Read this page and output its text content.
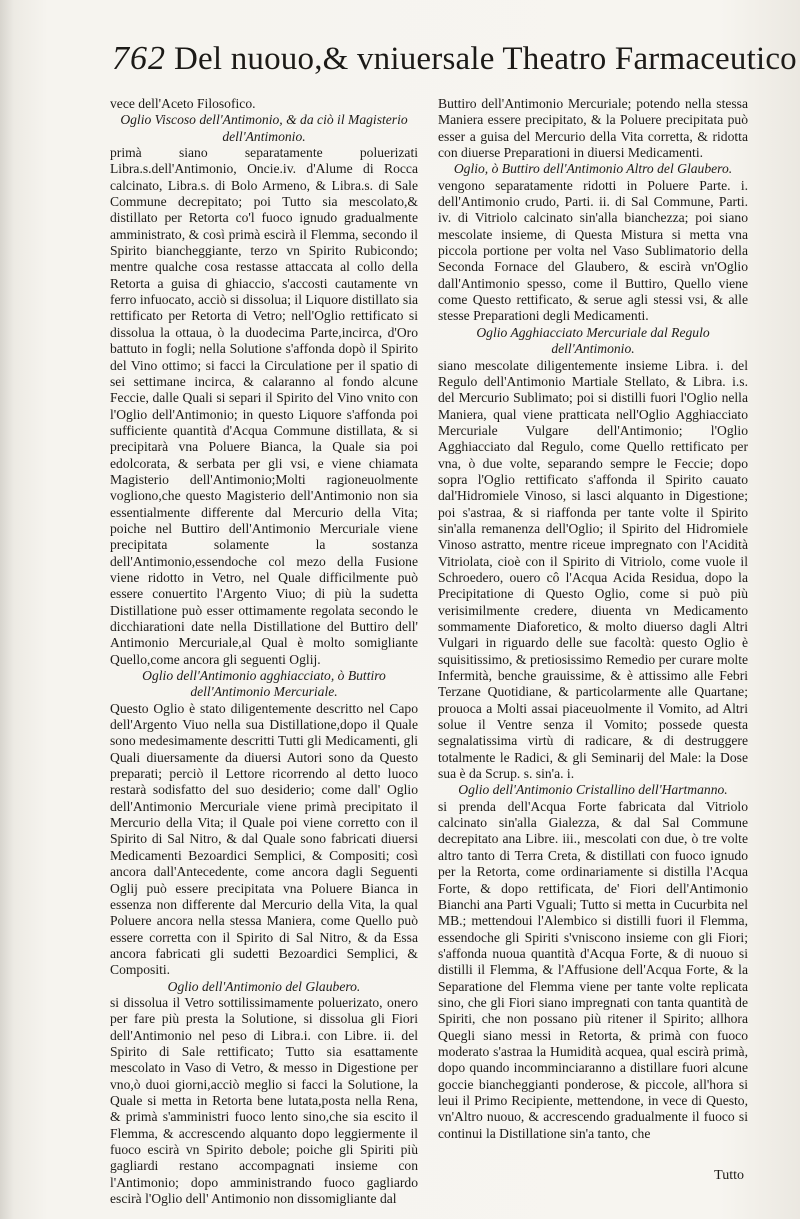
762 Del nuouo,& vniuersale Theatro Farmaceutico

vece dell'Aceto Filosofico.

Oglio Viscoso dell'Antimonio, & da ciò il Magisterio dell'Antimonio.

primà siano separatamente poluerizati Libra.s.dell'Antimonio, Oncie.iv. d'Alume di Rocca calcinato, Libra.s. di Bolo Armeno, & Libra.s. di Sale Commune decrepitato; poi Tutto sia mescolato,& distillato per Retorta co'l fuoco ignudo gradualmente amministrato, & così primà escirà il Flemma, secondo il Spirito biancheggiante, terzo vn Spirito Rubicondo; mentre qualche cosa restasse attaccata al collo della Retorta a guisa di ghiaccio, s'accosti cautamente vn ferro infuocato, acciò si dissolua; il Liquore distillato sia rettificato per Retorta di Vetro; nell'Oglio rettificato si dissolua la ottaua, ò la duodecima Parte,incirca, d'Oro battuto in fogli; nella Solutione s'affonda dopò il Spirito del Vino ottimo; si facci la Circulatione per il spatio di sei settimane incirca, & calaranno al fondo alcune Feccie, dalle Quali si separi il Spirito del Vino vnito con l'Oglio dell'Antimonio; in questo Liquore s'affonda poi sufficiente quantità d'Acqua Commune distillata, & si precipitarà vna Poluere Bianca, la Quale sia poi edolcorata, & serbata per gli vsi, e viene chiamata Magisterio dell'Antimonio;Molti ragioneuolmente vogliono,che questo Magisterio dell'Antimonio non sia essentialmente differente dal Mercurio della Vita; poiche nel Buttiro dell'Antimonio Mercuriale viene precipitata solamente la sostanza dell'Antimonio,essendoche col mezo della Fusione viene ridotto in Vetro, nel Quale difficilmente può essere conuertito l'Argento Viuo; di più la sudetta Distillatione può esser ottimamente regolata secondo le dicchiarationi date nella Distillatione del Buttiro dell' Antimonio Mercuriale,al Qual è molto somigliante Quello,come ancora gli seguenti Oglij.

Oglio dell'Antimonio agghiacciato, ò Buttiro dell'Antimonio Mercuriale.

Questo Oglio è stato diligentemente descritto nel Capo dell'Argento Viuo nella sua Distillatione,dopo il Quale sono medesimamente descritti Tutti gli Medicamenti, gli Quali diuersamente da diuersi Autori sono da Questo preparati; perciò il Lettore ricorrendo al detto luoco restarà sodisfatto del suo desiderio; come dall' Oglio dell'Antimonio Mercuriale viene primà precipitato il Mercurio della Vita; il Quale poi viene corretto con il Spirito di Sal Nitro, & dal Quale sono fabricati diuersi Medicamenti Bezoardici Semplici, & Compositi; così ancora dall'Antecedente, come ancora dagli Seguenti Oglij può essere precipitata vna Poluere Bianca in essenza non differente dal Mercurio della Vita, la qual Poluere ancora nella stessa Maniera, come Quello può essere corretta con il Spirito di Sal Nitro, & da Essa ancora fabricati gli sudetti Bezoardici Semplici, & Compositi.

Oglio dell'Antimonio del Glaubero.

si dissolua il Vetro sottilissimamente poluerizato, onero per fare più presta la Solutione, si dissolua gli Fiori dell'Antimonio nel peso di Libra.i. con Libre. ii. del Spirito di Sale rettificato; Tutto sia esattamente mescolato in Vaso di Vetro, & messo in Digestione per vno,ò duoi giorni,acciò meglio si facci la Solutione, la Quale si metta in Retorta bene lutata,posta nella Rena, & primà s'amministri fuoco lento sino,che sia escito il Flemma, & accrescendo alquanto dopo leggiermente il fuoco escirà vn Spirito debole; poiche gli Spiriti più gagliardi restano accompagnati insieme con l'Antimonio; dopo amministrando fuoco gagliardo escirà l'Oglio dell' Antimonio non dissomigliante dal

Buttiro dell'Antimonio Mercuriale; potendo nella stessa Maniera essere precipitato, & la Poluere precipitata può esser a guisa del Mercurio della Vita corretta, & ridotta con diuerse Preparationi in diuersi Medicamenti.

Oglio, ò Buttiro dell'Antimonio Altro del Glaubero.

vengono separatamente ridotti in Poluere Parte. i. dell'Antimonio crudo, Parti. ii. di Sal Commune, Parti. iv. di Vitriolo calcinato sin'alla bianchezza; poi siano mescolate insieme, di Questa Mistura si metta vna piccola portione per volta nel Vaso Sublimatorio della Seconda Fornace del Glaubero, & escirà vn'Oglio dall'Antimonio spesso, come il Buttiro, Quello viene come Questo rettificato, & serue agli stessi vsi, & alle stesse Preparationi degli Medicamenti.

Oglio Agghiacciato Mercuriale dal Regulo dell'Antimonio.

siano mescolate diligentemente insieme Libra. i. del Regulo dell'Antimonio Martiale Stellato, & Libra. i.s. del Mercurio Sublimato; poi si distilli fuori l'Oglio nella Maniera, qual viene pratticata nell'Oglio Agghiacciato Mercuriale Vulgare dell'Antimonio; l'Oglio Agghiacciato dal Regulo, come Quello rettificato per vna, ò due volte, separando sempre le Feccie; dopo sopra l'Oglio rettificato s'affonda il Spirito cauato dal'Hidromiele Vinoso, si lasci alquanto in Digestione; poi s'astraa, & si riaffonda per tante volte il Spirito sin'alla remanenza dell'Oglio; il Spirito del Hidromiele Vinoso astratto, mentre riceue impregnato con l'Acidità Vitriolata, cioè con il Spirito di Vitriolo, come vuole il Schroedero, ouero cô l'Acqua Acida Residua, dopo la Precipitatione di Questo Oglio, come si può più verisimilmente credere, diuenta vn Medicamento sommamente Diaforetico, & molto diuerso dagli Altri Vulgari in riguardo delle sue facoltà: questo Oglio è squisitissimo, & pretiosissimo Remedio per curare molte Infermità, benche grauissime, & è attissimo alle Febri Terzane Quotidiane, & particolarmente alle Quartane; prouoca a Molti assai piaceuolmente il Vomito, ad Altri solue il Ventre senza il Vomito; possede questa segnalatissima virtù di radicare, & di destruggere totalmente le Radici, & gli Seminarij del Male: la Dose sua è da Scrup. s. sin'a. i.

Oglio dell'Antimonio Cristallino dell'Hartmanno.

si prenda dell'Acqua Forte fabricata dal Vitriolo calcinato sin'alla Gialezza, & dal Sal Commune decrepitato ana Libre. iii., mescolati con due, ò tre volte altro tanto di Terra Creta, & distillati con fuoco ignudo per la Retorta, come ordinariamente si distilla l'Acqua Forte, & dopo rettificata, de' Fiori dell'Antimonio Bianchi ana Parti Vguali; Tutto si metta in Cucurbita nel MB.; mettendoui l'Alembico si distilli fuori il Flemma, essendoche gli Spiriti s'vniscono insieme con gli Fiori; s'affonda nuoua quantità d'Acqua Forte, & di nuouo si distilli il Flemma, & l'Affusione dell'Acqua Forte, & la Separatione del Flemma viene per tante volte replicata sino, che gli Fiori siano impregnati con tanta quantità de Spiriti, che non possano più ritener il Spirito; allhora Quegli siano messi in Retorta, & primà con fuoco moderato s'astraa la Humidità acquea, qual escirà primà, dopo quando incomminciaranno a distillare fuori alcune goccie biancheggianti ponderose, & piccole, all'hora si leui il Primo Recipiente, mettendone, in vece di Questo, vn'Altro nuouo, & accrescendo gradualmente il fuoco si continui la Distillatione sin'a tanto, che

Tutto
